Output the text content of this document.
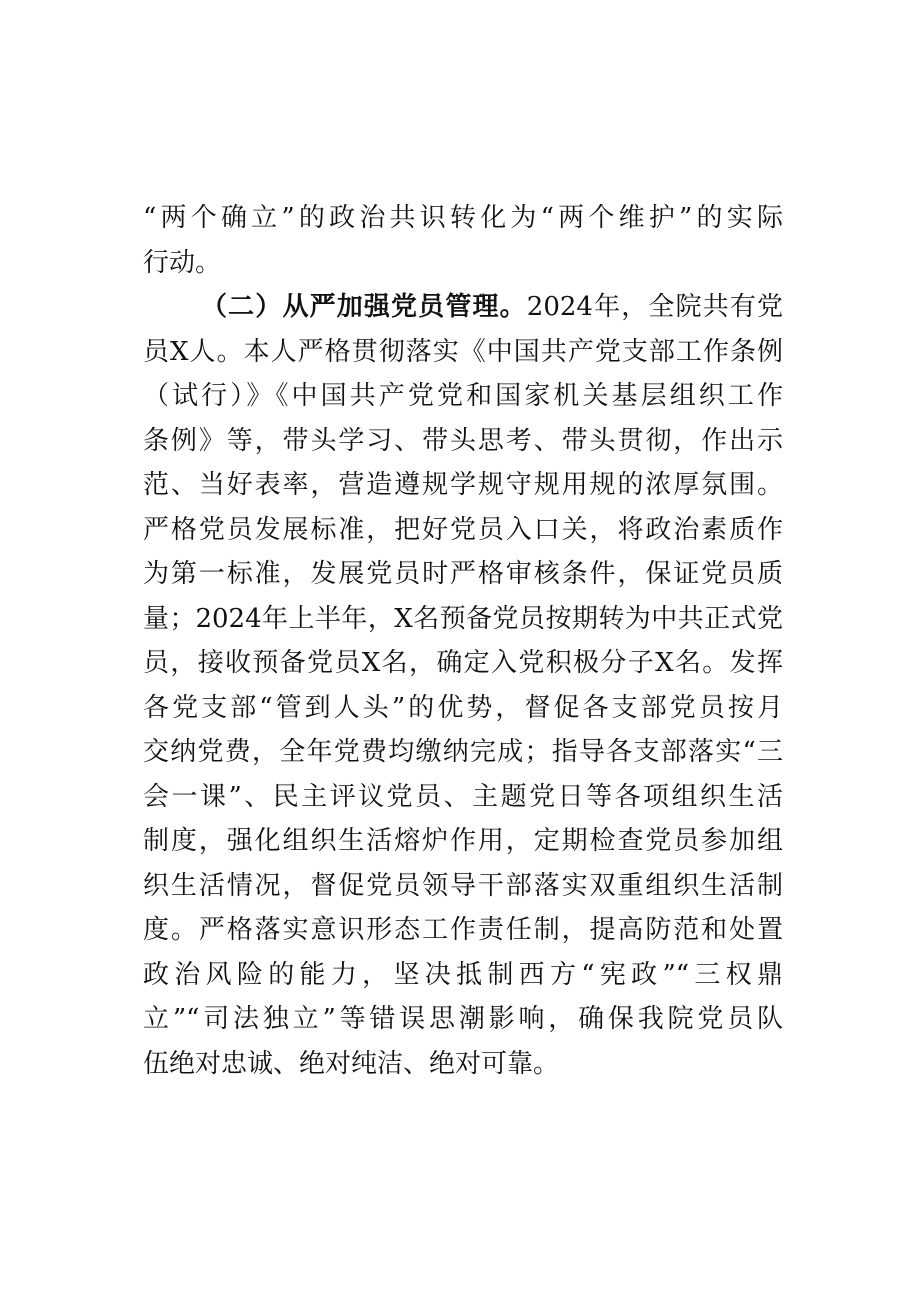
“两个确立”的政治共识转化为“两个维护”的实际
行动。
（二）从严加强党员管理。2024年，全院共有党
员X人。本人严格贯彻落实《中国共产党支部工作条例
（试行）》《中国共产党党和国家机关基层组织工作
条例》等，带头学习、带头思考、带头贯彻，作出示
范、当好表率，营造遵规学规守规用规的浓厚氛围。
严格党员发展标准，把好党员入口关，将政治素质作
为第一标准，发展党员时严格审核条件，保证党员质
量；2024年上半年，X名预备党员按期转为中共正式党
员，接收预备党员X名，确定入党积极分子X名。发挥
各党支部“管到人头”的优势，督促各支部党员按月
交纳党费，全年党费均缴纳完成；指导各支部落实“三
会一课”、民主评议党员、主题党日等各项组织生活
制度，强化组织生活熔炉作用，定期检查党员参加组
织生活情况，督促党员领导干部落实双重组织生活制
度。严格落实意识形态工作责任制，提高防范和处置
政治风险的能力，坚决抵制西方“宪政”“三权鼎
立”“司法独立”等错误思潮影响，确保我院党员队
伍绝对忠诚、绝对纯洁、绝对可靠。
